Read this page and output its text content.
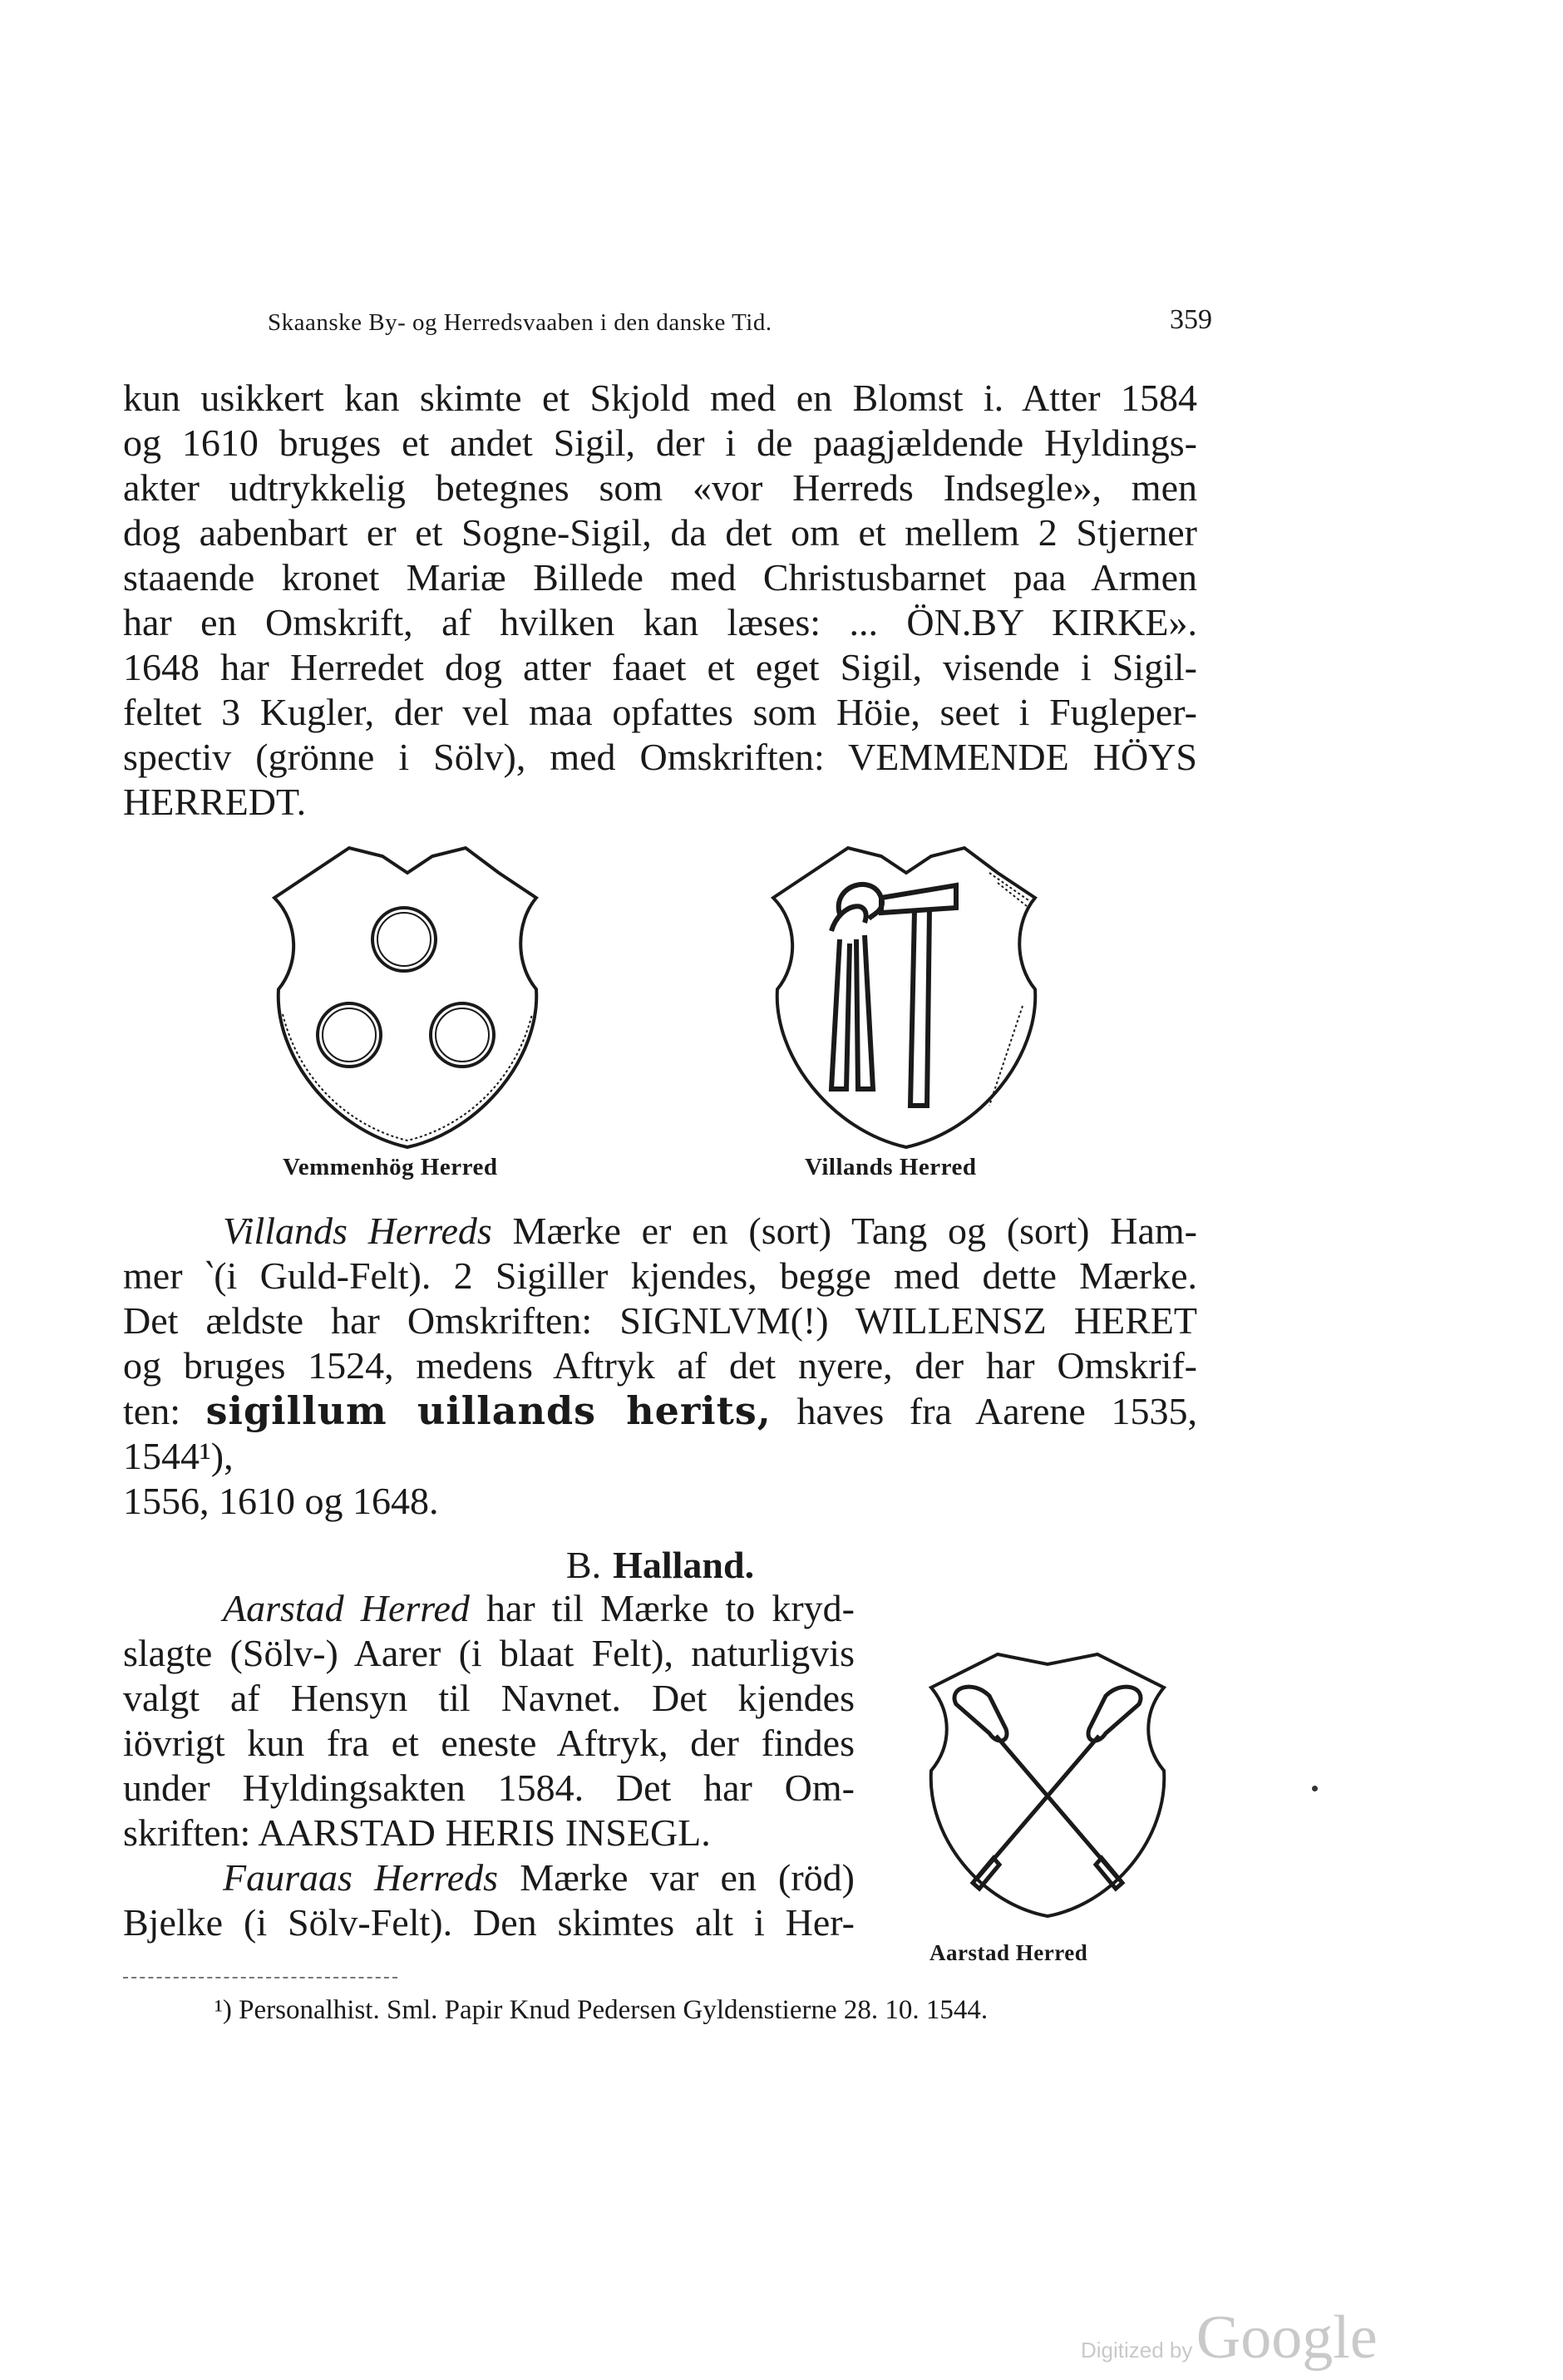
Skaanske By- og Herredsvaaben i den danske Tid.	359
kun usikkert kan skimte et Skjold med en Blomst i. Atter 1584
og 1610 bruges et andet Sigil, der i de paagjældende Hyldings-
akter udtrykkelig betegnes som «vor Herreds Indsegle», men
dog aabenbart er et Sogne-Sigil, da det om et mellem 2 Stjerner
staaende kronet Mariæ Billede med Christusbarnet paa Armen
har en Omskrift, af hvilken kan læses: ... ÖN.BY KIRKE».
1648 har Herredet dog atter faaet et eget Sigil, visende i Sigil-
feltet 3 Kugler, der vel maa opfattes som Höie, seet i Fugleper-
spectiv (grönne i Sölv), med Omskriften: VEMMENDE HÖYS
HERREDT.
Vemmenhög Herred	Villands Herred
Villands Herreds Mærke er en (sort) Tang og (sort) Ham-
mer ‵(i Guld-Felt). 2 Sigiller kjendes, begge med dette Mærke.
Det ældste har Omskriften: SIGNLVM(!) WILLENSZ HERET
og bruges 1524, medens Aftryk af det nyere, der har Omskrif-
ten: sigillum uillands herits, haves fra Aarene 1535, 1544¹),
1556, 1610 og 1648.
B. Halland.
Aarstad Herred har til Mærke to kryd-
slagte (Sölv-) Aarer (i blaat Felt), naturligvis
valgt af Hensyn til Navnet. Det kjendes
iövrigt kun fra et eneste Aftryk, der findes
under Hyldingsakten 1584. Det har Om-
skriften: AARSTAD HERIS INSEGL.
Fauraas Herreds Mærke var en (röd)
Bjelke (i Sölv-Felt). Den skimtes alt i Her-
Aarstad Herred
¹) Personalhist. Sml. Papir Knud Pedersen Gyldenstierne 28. 10. 1544.
Digitized by Google
